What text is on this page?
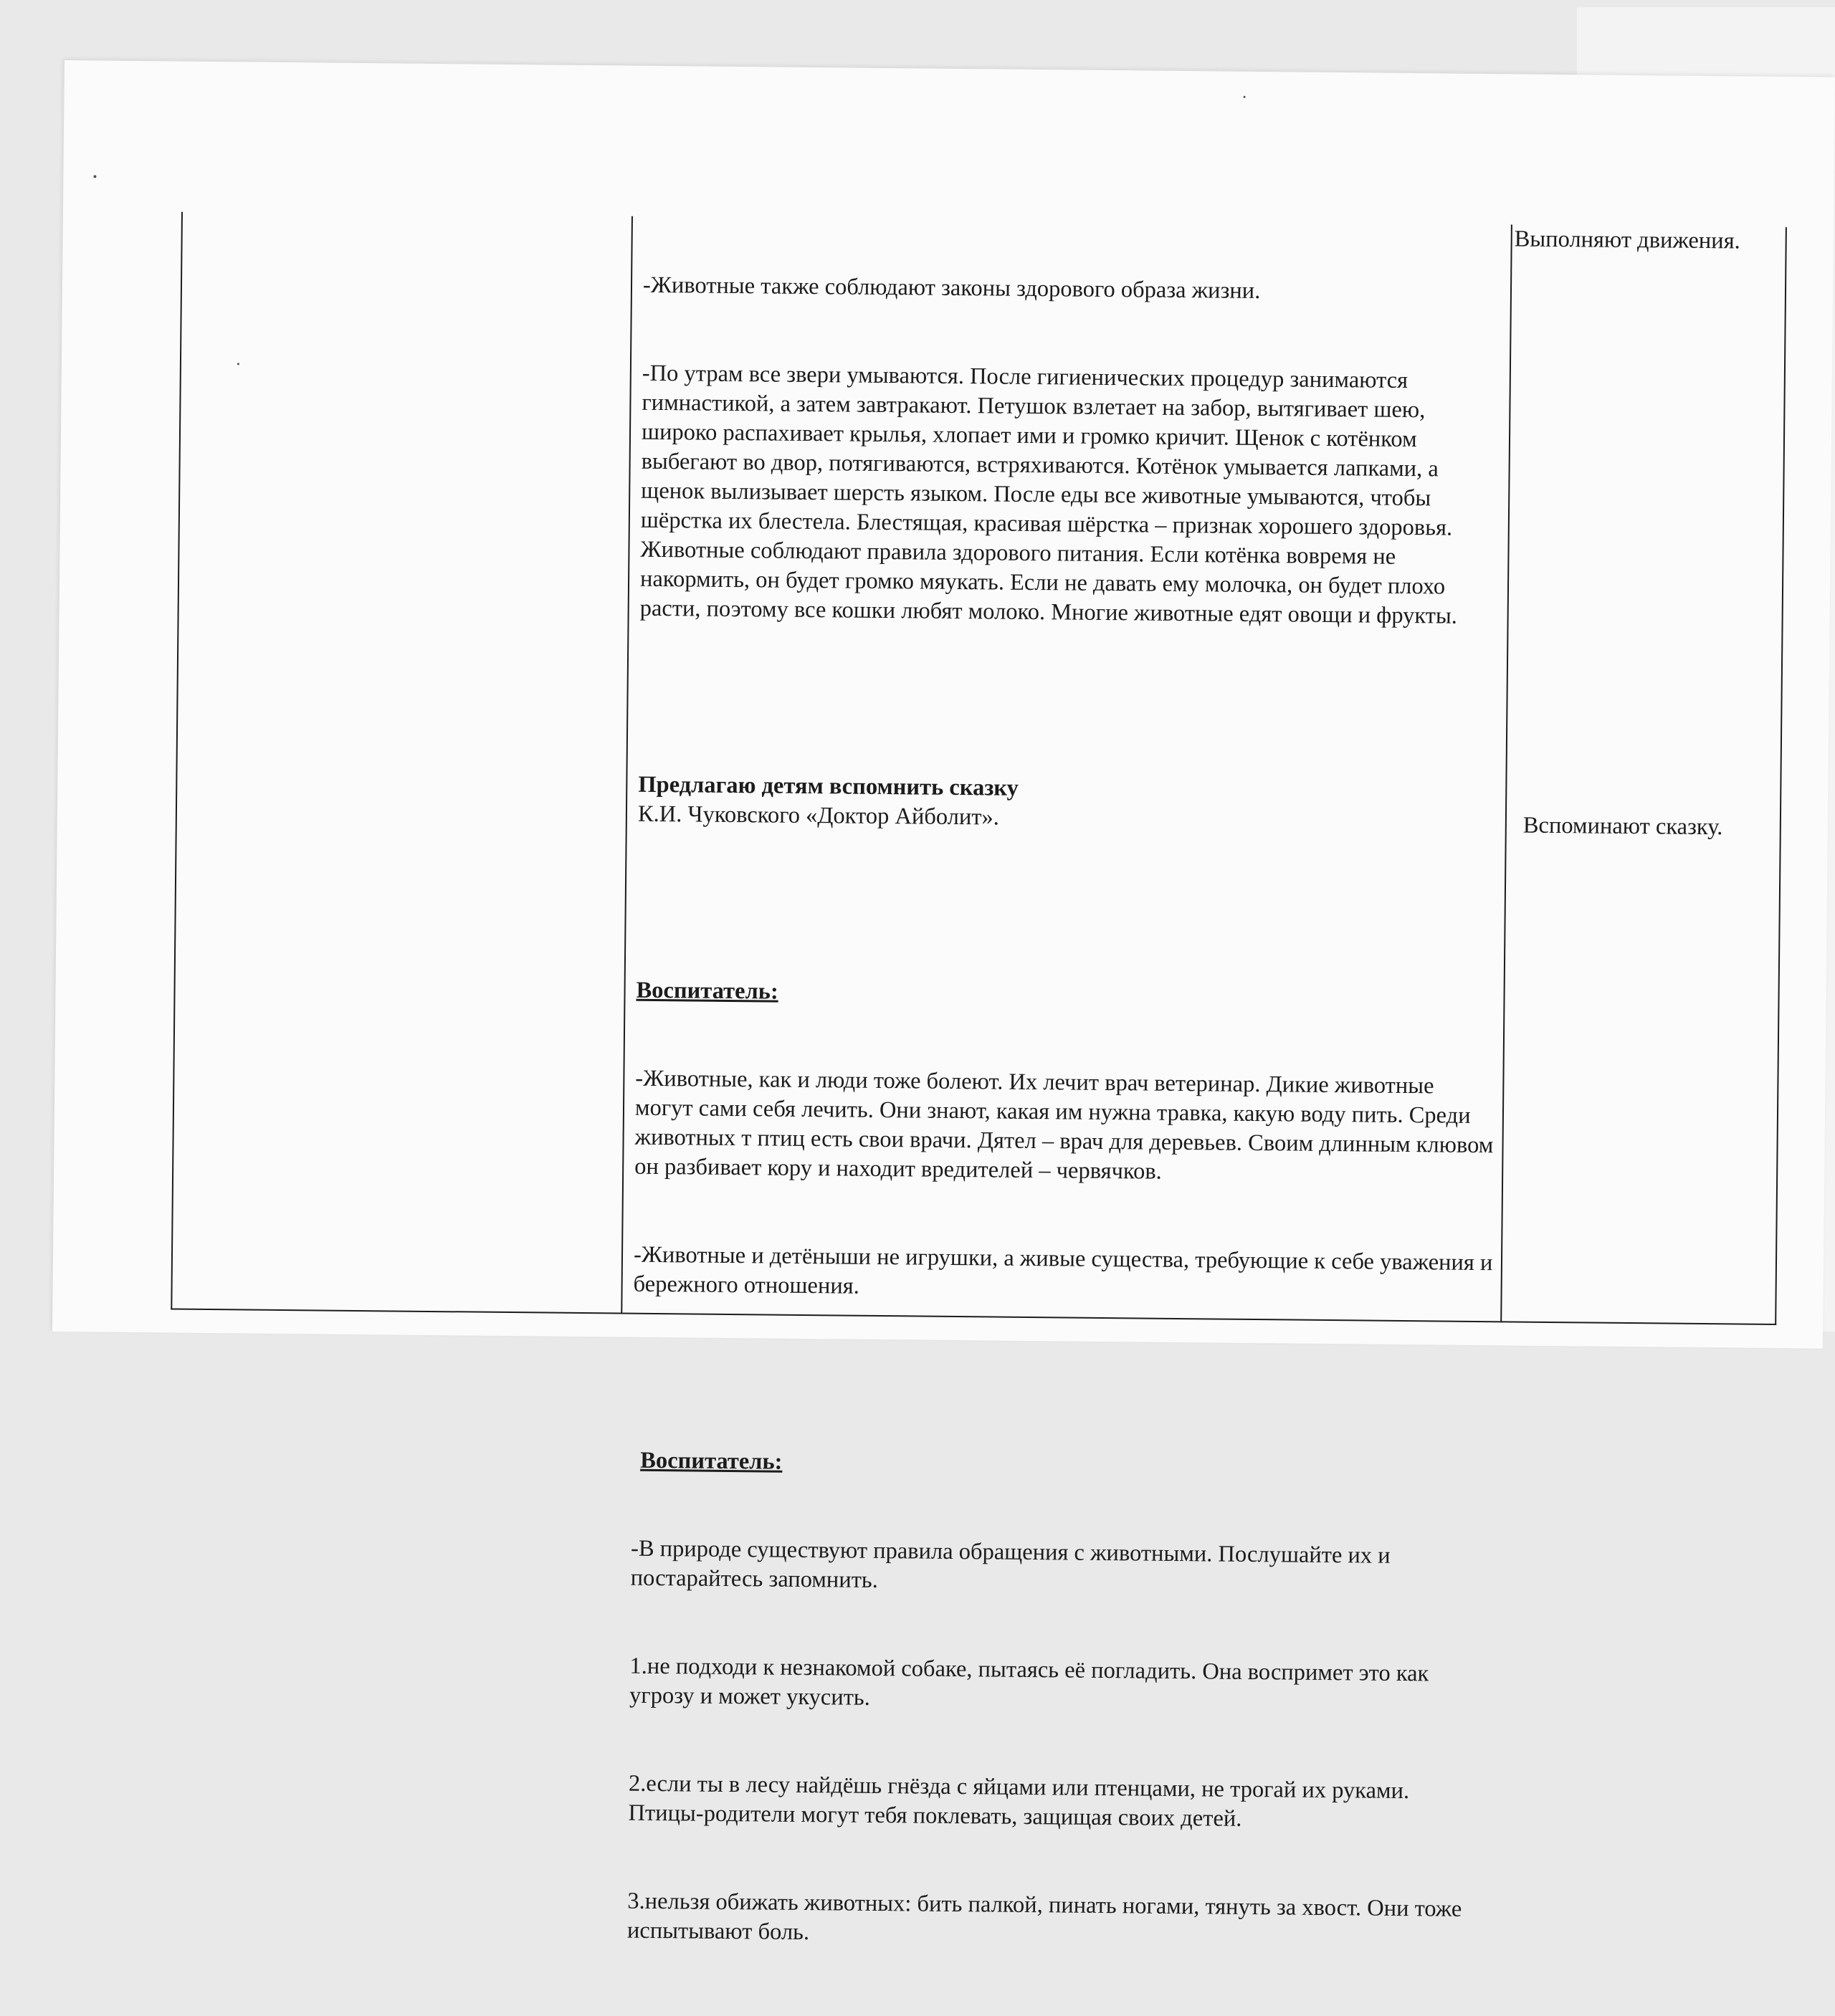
-Животные также соблюдают законы здорового образа жизни.

-По утрам все звери умываются. После гигиенических процедур занимаются гимнастикой, а затем завтракают. Петушок взлетает на забор, вытягивает шею, широко распахивает крылья, хлопает ими и громко кричит. Щенок с котёнком выбегают во двор, потягиваются, встряхиваются. Котёнок умывается лапками, а щенок вылизывает шерсть языком. После еды все животные умываются, чтобы шёрстка их блестела. Блестящая, красивая шёрстка – признак хорошего здоровья. Животные соблюдают правила здорового питания. Если котёнка вовремя не накормить, он будет громко мяукать. Если не давать ему молочка, он будет плохо расти, поэтому все кошки любят молоко. Многие животные едят овощи и фрукты.

Предлагаю детям вспомнить сказку
К.И. Чуковского «Доктор Айболит».

Воспитатель:

-Животные, как и люди тоже болеют. Их лечит врач ветеринар. Дикие животные могут сами себя лечить. Они знают, какая им нужна травка, какую воду пить. Среди животных т птиц есть свои врачи. Дятел – врач для деревьев. Своим длинным клювом он разбивает кору и находит вредителей – червячков.

-Животные и детёныши не игрушки, а живые существа, требующие к себе уважения и бережного отношения.

Воспитатель:

-В природе существуют правила обращения с животными. Послушайте их и постарайтесь запомнить.

1.не подходи к незнакомой собаке, пытаясь её погладить. Она воспримет это как угрозу и может укусить.

2.если ты в лесу найдёшь гнёзда с яйцами или птенцами, не трогай их руками. Птицы-родители могут тебя поклевать, защищая своих детей.

3.нельзя обижать животных: бить палкой, пинать ногами, тянуть за хвост. Они тоже испытывают боль.

Выполняют движения.
Вспоминают сказку.
